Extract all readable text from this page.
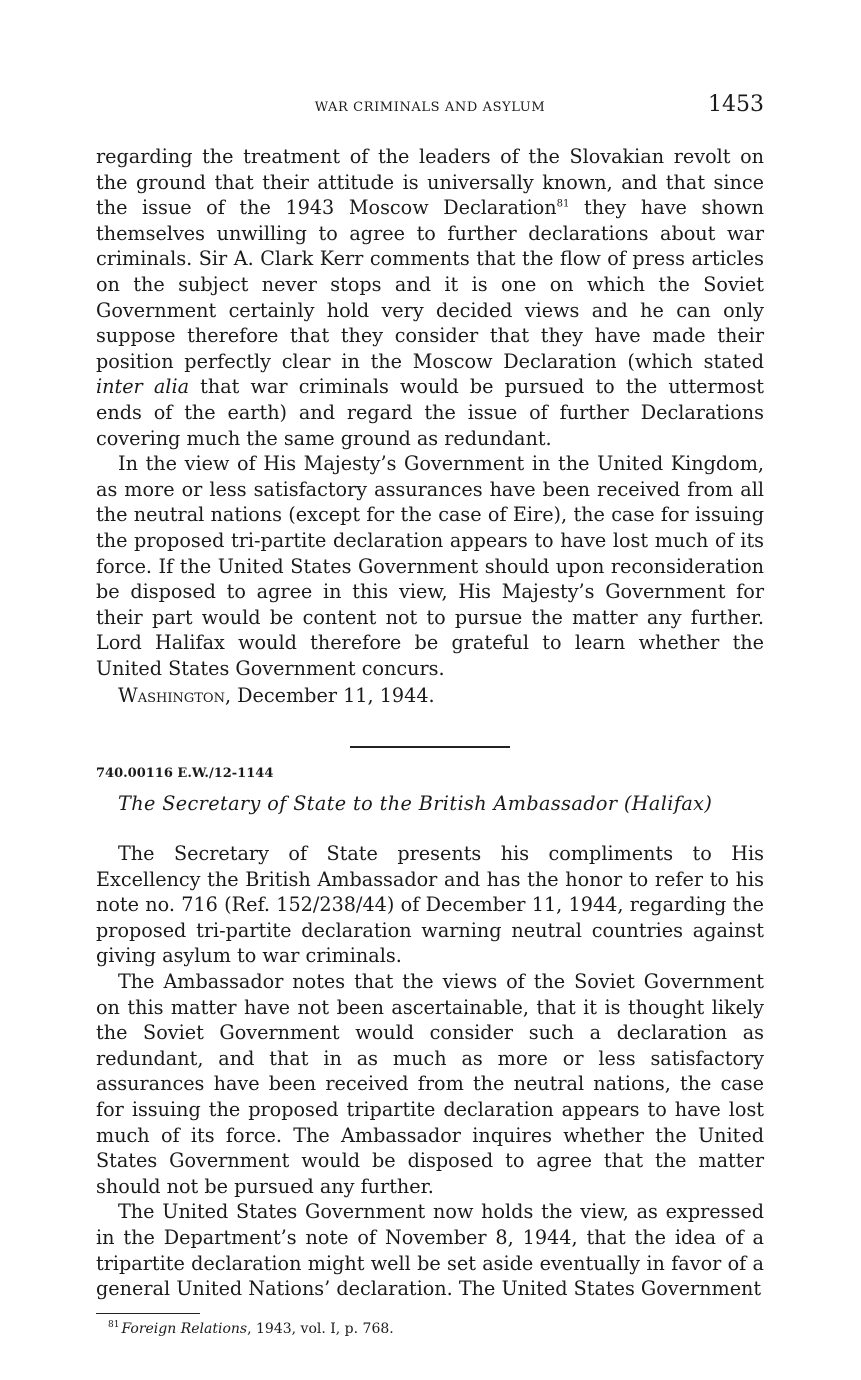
WAR CRIMINALS AND ASYLUM	1453

regarding the treatment of the leaders of the Slovakian revolt on the ground that their attitude is universally known, and that since the issue of the 1943 Moscow Declaration$^{81}$ they have shown themselves unwilling to agree to further declarations about war criminals. Sir A. Clark Kerr comments that the flow of press articles on the subject never stops and it is one on which the Soviet Government certainly hold very decided views and he can only suppose therefore that they consider that they have made their position perfectly clear in the Moscow Declaration (which stated inter alia that war criminals would be pursued to the uttermost ends of the earth) and regard the issue of further Declarations covering much the same ground as redundant.

In the view of His Majesty’s Government in the United Kingdom, as more or less satisfactory assurances have been received from all the neutral nations (except for the case of Eire), the case for issuing the proposed tri-partite declaration appears to have lost much of its force. If the United States Government should upon reconsideration be disposed to agree in this view, His Majesty’s Government for their part would be content not to pursue the matter any further. Lord Halifax would therefore be grateful to learn whether the United States Government concurs.

Washington, December 11, 1944.
740.00116 E.W./12-1144
The Secretary of State to the British Ambassador (Halifax)

The Secretary of State presents his compliments to His Excellency the British Ambassador and has the honor to refer to his note no. 716 (Ref. 152/238/44) of December 11, 1944, regarding the proposed tri-partite declaration warning neutral countries against giving asylum to war criminals.

The Ambassador notes that the views of the Soviet Government on this matter have not been ascertainable, that it is thought likely the Soviet Government would consider such a declaration as redundant, and that in as much as more or less satisfactory assurances have been received from the neutral nations, the case for issuing the proposed tripartite declaration appears to have lost much of its force. The Ambassador inquires whether the United States Government would be disposed to agree that the matter should not be pursued any further.

The United States Government now holds the view, as expressed in the Department’s note of November 8, 1944, that the idea of a tripartite declaration might well be set aside eventually in favor of a general United Nations’ declaration. The United States Government

$^{81}$ Foreign Relations, 1943, vol. I, p. 768.
